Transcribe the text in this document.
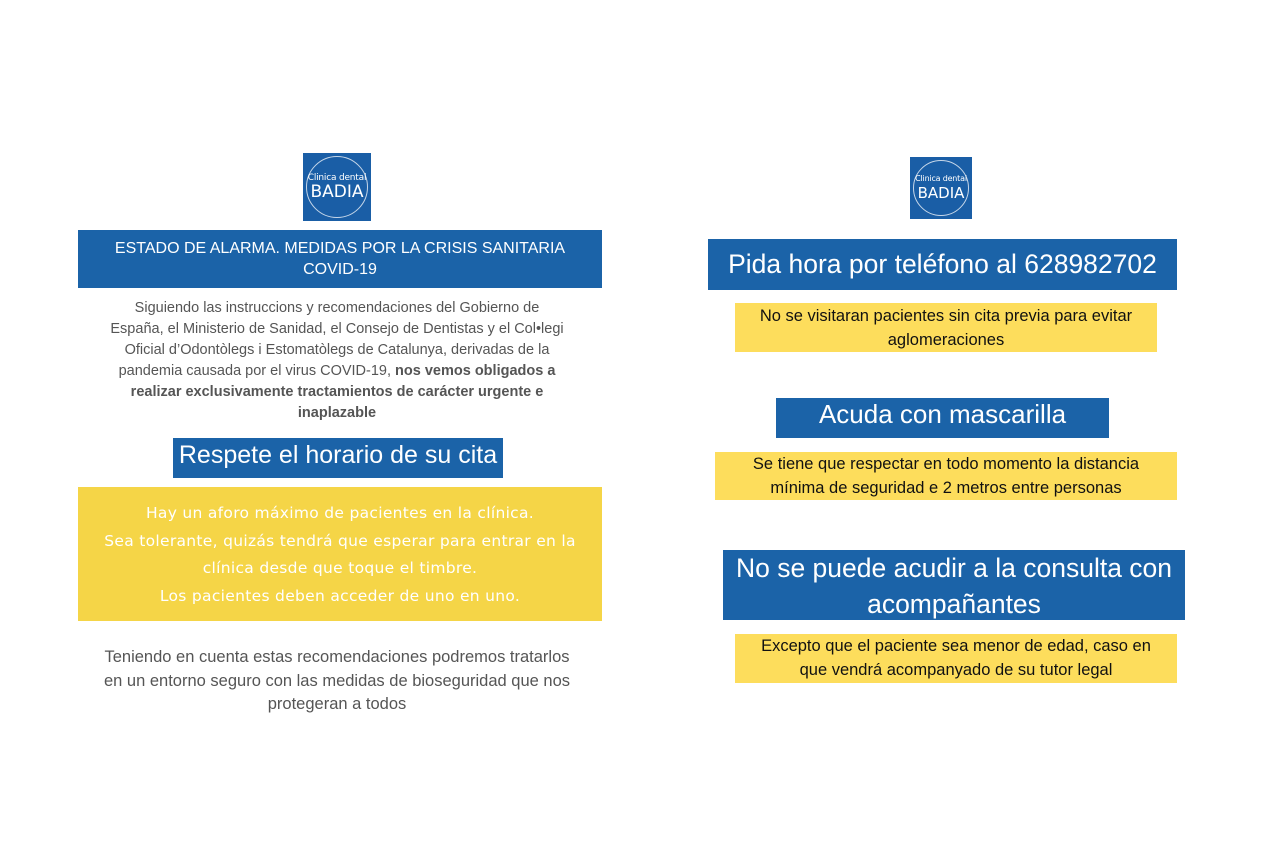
Clinica dental
BADIA
ESTADO DE ALARMA. MEDIDAS POR LA CRISIS SANITARIA
COVID-19
Siguiendo las instruccions y recomendaciones del Gobierno de
España, el Ministerio de Sanidad, el Consejo de Dentistas y el Col•legi
Oficial d’Odontòlegs i Estomatòlegs de Catalunya, derivadas de la
pandemia causada por el virus COVID-19, nos vemos obligados a
realizar exclusivamente tractamientos de carácter urgente e
inaplazable
Respete el horario de su cita
Hay un aforo máximo de pacientes en la clínica.
Sea tolerante, quizás tendrá que esperar para entrar en la
clínica desde que toque el timbre.
Los pacientes deben acceder de uno en uno.
Teniendo en cuenta estas recomendaciones podremos tratarlos
en un entorno seguro con las medidas de bioseguridad que nos
protegeran a todos
Clinica dental
BADIA
Pida hora por teléfono al 628982702
No se visitaran pacientes sin cita previa para evitar
aglomeraciones
Acuda con mascarilla
Se tiene que respectar en todo momento la distancia
mínima de seguridad e 2 metros entre personas
No se puede acudir a la consulta con
acompañantes
Excepto que el paciente sea menor de edad, caso en
que vendrá acompanyado de su tutor legal
